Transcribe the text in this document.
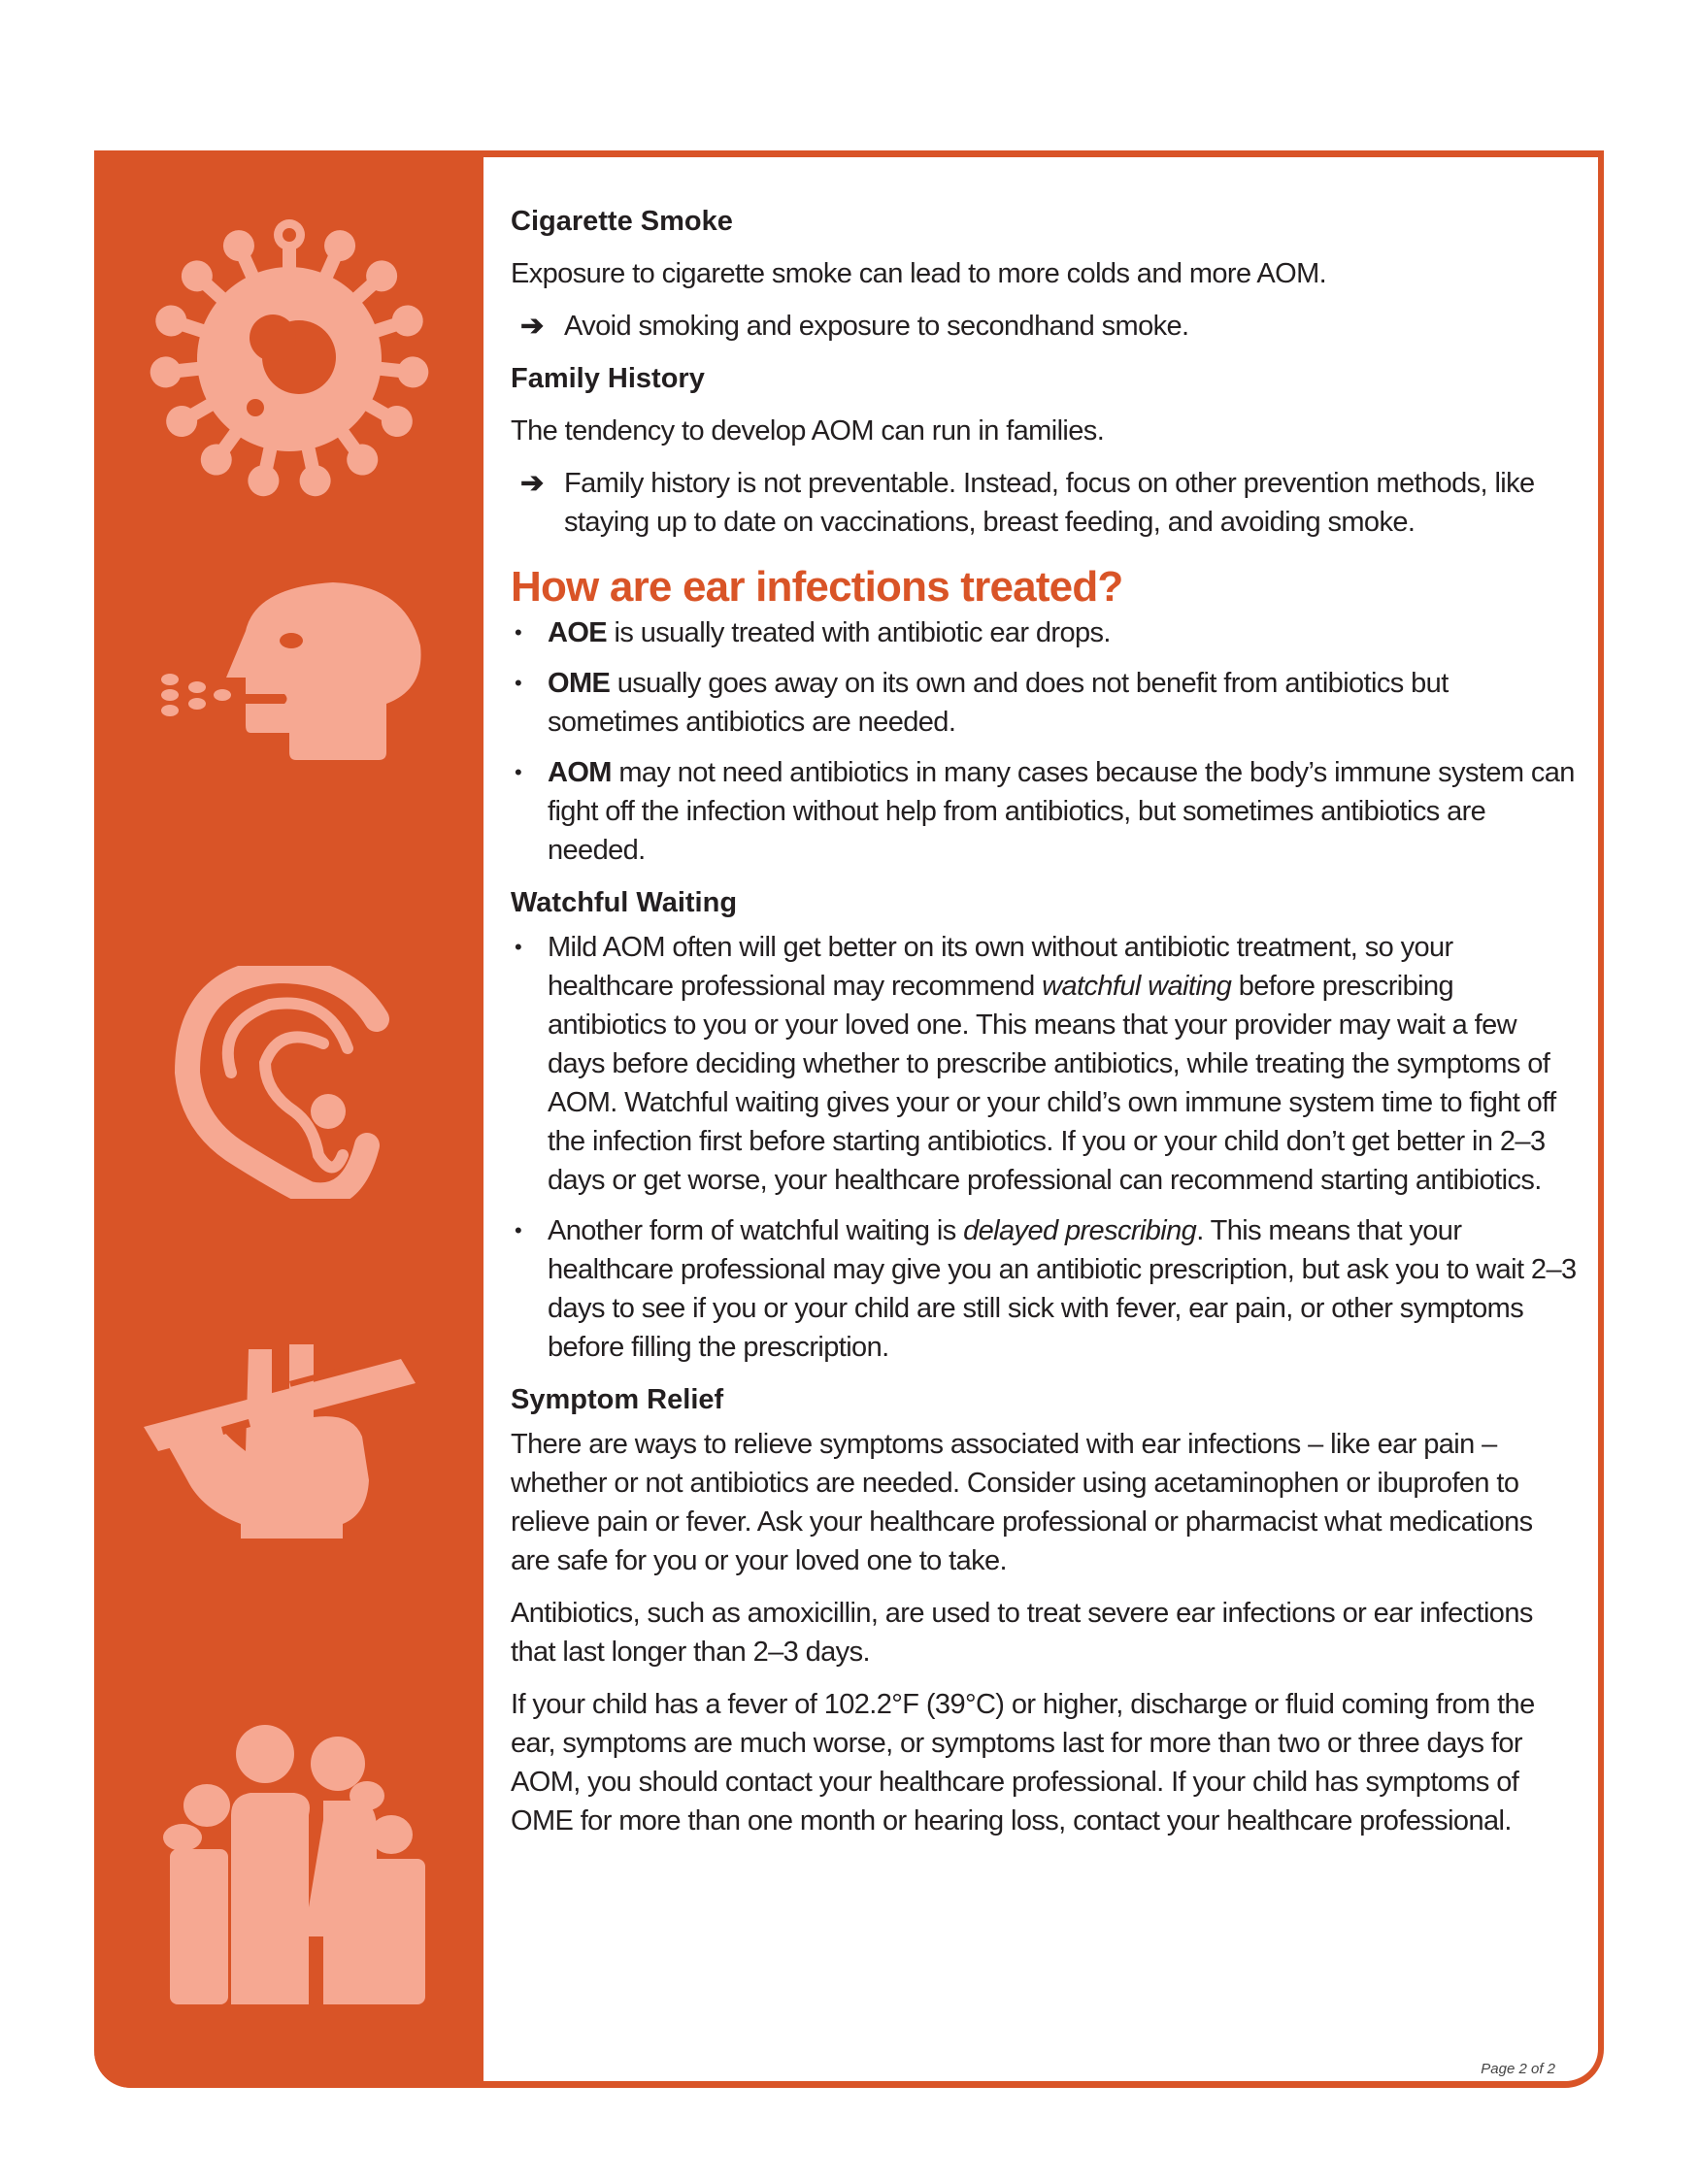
Cigarette Smoke

Exposure to cigarette smoke can lead to more colds and more AOM.

➔ Avoid smoking and exposure to secondhand smoke.

Family History

The tendency to develop AOM can run in families.

➔ Family history is not preventable. Instead, focus on other prevention methods, like staying up to date on vaccinations, breast feeding, and avoiding smoke.

How are ear infections treated?
• AOE is usually treated with antibiotic ear drops.
• OME usually goes away on its own and does not benefit from antibiotics but sometimes antibiotics are needed.
• AOM may not need antibiotics in many cases because the body’s immune system can fight off the infection without help from antibiotics, but sometimes antibiotics are needed.
Watchful Waiting
• Mild AOM often will get better on its own without antibiotic treatment, so your healthcare professional may recommend watchful waiting before prescribing antibiotics to you or your loved one. This means that your provider may wait a few days before deciding whether to prescribe antibiotics, while treating the symptoms of AOM. Watchful waiting gives your or your child’s own immune system time to fight off the infection first before starting antibiotics. If you or your child don’t get better in 2–3 days or get worse, your healthcare professional can recommend starting antibiotics.
• Another form of watchful waiting is delayed prescribing. This means that your healthcare professional may give you an antibiotic prescription, but ask you to wait 2–3 days to see if you or your child are still sick with fever, ear pain, or other symptoms before filling the prescription.
Symptom Relief

There are ways to relieve symptoms associated with ear infections – like ear pain – whether or not antibiotics are needed. Consider using acetaminophen or ibuprofen to relieve pain or fever. Ask your healthcare professional or pharmacist what medications are safe for you or your loved one to take.

Antibiotics, such as amoxicillin, are used to treat severe ear infections or ear infections that last longer than 2–3 days.

If your child has a fever of 102.2°F (39°C) or higher, discharge or fluid coming from the ear, symptoms are much worse, or symptoms last for more than two or three days for AOM, you should contact your healthcare professional. If your child has symptoms of OME for more than one month or hearing loss, contact your healthcare professional.

Page 2 of 2
